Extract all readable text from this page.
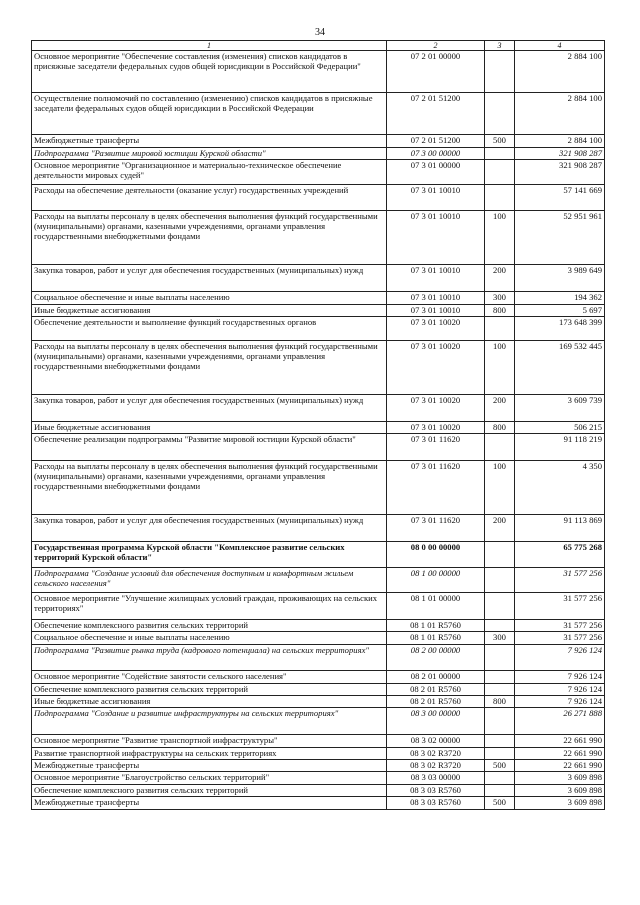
34
1	2	3	4
Основное мероприятие "Обеспечение составления (изменения) списков кандидатов в присяжные заседатели федеральных судов общей юрисдикции в Российской Федерации"	07 2 01 00000		2 884 100
Осуществление полномочий по составлению (изменению) списков кандидатов в присяжные заседатели федеральных судов общей юрисдикции в Российской Федерации	07 2 01 51200		2 884 100
Межбюджетные трансферты	07 2 01 51200	500	2 884 100
Подпрограмма "Развитие мировой юстиции Курской области"	07 3 00 00000		321 908 287
Основное мероприятие "Организационное и материально-техническое обеспечение деятельности мировых судей"	07 3 01 00000		321 908 287
Расходы на обеспечение деятельности (оказание услуг) государственных учреждений	07 3 01 10010		57 141 669
Расходы на выплаты персоналу в целях обеспечения выполнения функций государственными (муниципальными) органами, казенными учреждениями, органами управления государственными внебюджетными фондами	07 3 01 10010	100	52 951 961
Закупка товаров, работ и услуг для обеспечения государственных (муниципальных) нужд	07 3 01 10010	200	3 989 649
Социальное обеспечение и иные выплаты населению	07 3 01 10010	300	194 362
Иные бюджетные ассигнования	07 3 01 10010	800	5 697
Обеспечение деятельности и выполнение функций государственных органов	07 3 01 10020		173 648 399
Расходы на выплаты персоналу в целях обеспечения выполнения функций государственными (муниципальными) органами, казенными учреждениями, органами управления государственными внебюджетными фондами	07 3 01 10020	100	169 532 445
Закупка товаров, работ и услуг для обеспечения государственных (муниципальных) нужд	07 3 01 10020	200	3 609 739
Иные бюджетные ассигнования	07 3 01 10020	800	506 215
Обеспечение реализации подпрограммы "Развитие мировой юстиции Курской области"	07 3 01 11620		91 118 219
Расходы на выплаты персоналу в целях обеспечения выполнения функций государственными (муниципальными) органами, казенными учреждениями, органами управления государственными внебюджетными фондами	07 3 01 11620	100	4 350
Закупка товаров, работ и услуг для обеспечения государственных (муниципальных) нужд	07 3 01 11620	200	91 113 869
Государственная программа Курской области "Комплексное развитие сельских территорий Курской области"	08 0 00 00000		65 775 268
Подпрограмма "Создание условий для обеспечения доступным и комфортным жильем сельского населения"	08 1 00 00000		31 577 256
Основное мероприятие "Улучшение жилищных условий граждан, проживающих на сельских территориях"	08 1 01 00000		31 577 256
Обеспечение комплексного развития сельских территорий	08 1 01 R5760		31 577 256
Социальное обеспечение и иные выплаты населению	08 1 01 R5760	300	31 577 256
Подпрограмма "Развитие рынка труда (кадрового потенциала) на сельских территориях"	08 2 00 00000		7 926 124
Основное мероприятие "Содействие занятости сельского населения"	08 2 01 00000		7 926 124
Обеспечение комплексного развития сельских территорий	08 2 01 R5760		7 926 124
Иные бюджетные ассигнования	08 2 01 R5760	800	7 926 124
Подпрограмма "Создание и развитие инфраструктуры на сельских территориях"	08 3 00 00000		26 271 888
Основное мероприятие "Развитие транспортной инфраструктуры"	08 3 02 00000		22 661 990
Развитие транспортной инфраструктуры на сельских территориях	08 3 02 R3720		22 661 990
Межбюджетные трансферты	08 3 02 R3720	500	22 661 990
Основное мероприятие "Благоустройство сельских территорий"	08 3 03 00000		3 609 898
Обеспечение комплексного развития сельских территорий	08 3 03 R5760		3 609 898
Межбюджетные трансферты	08 3 03 R5760	500	3 609 898
